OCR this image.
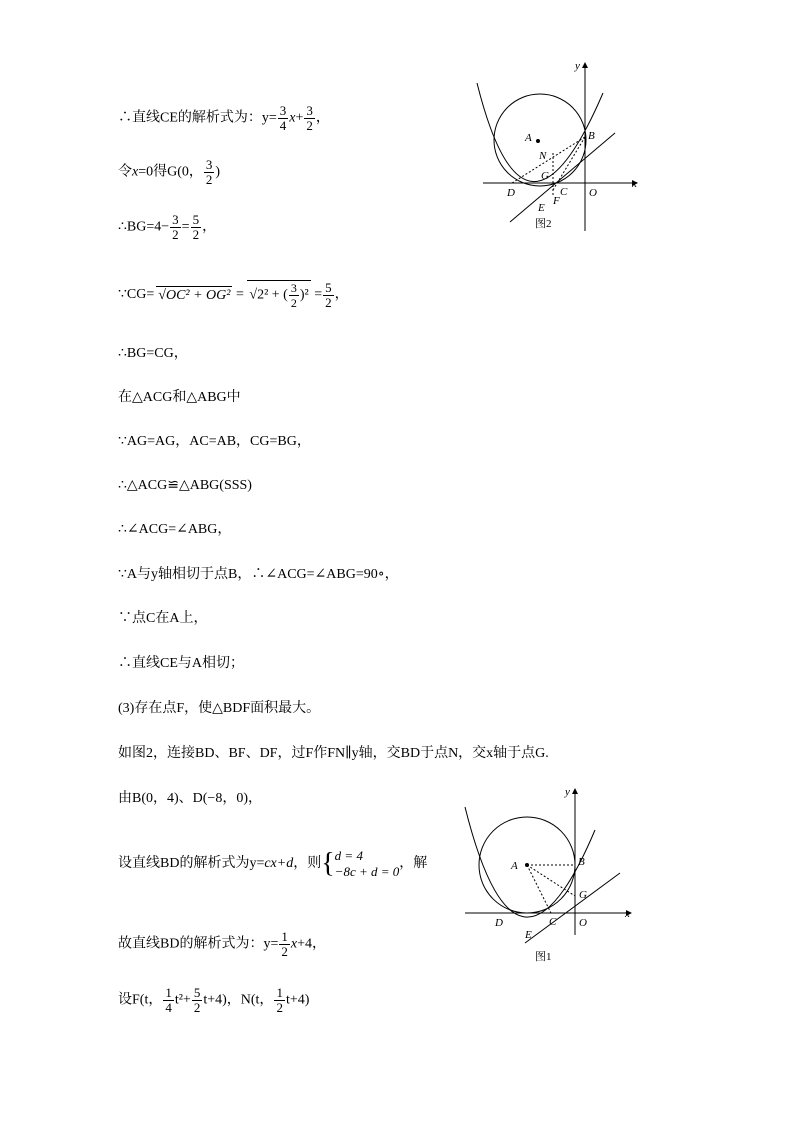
∴直线CE的解析式为：$y= \frac{3}{4} x+ \frac{3}{2}$ ，
令x=0得G(0， $\frac{3}{2}$ )
∴BG=4− $\frac{3}{2} = \frac{5}{2}$ ，
∵CG= √OC² + OG² = √2² + ( $\frac{3}{2} )^2 = \frac{5}{2}$ ，
∴BG=CG，
在△ACG和△ABG中
∵AG=AG，AC=AB，CG=BG，
∴△ACG≌△ABG(SSS)
∴∠ACG=∠ABG，
∵A与y轴相切于点B，∴∠ACG=∠ABG=90∘，
∵点C在A上，
∴直线CE与A相切；
(3)存在点F，使△BDF面积最大。
如图2，连接BD、BF、DF，过F作FN∥y轴，交BD于点N，交x轴于点G.
由B(0，4)、D(−8，0)，
设直线BD的解析式为y=cx+d，则{ d = 4
−8c + d = 0
，解
故直线BD的解析式为：$y= \frac{1}{2} x+4$，
设F(t， $\frac{1}{4} t^2+ \frac{5}{2} t+4$)，N(t， $\frac{1}{2} t+4$)
y
x
A	B
N
G
D	C O
E
F
图2
y
x
A	B
G
D	C O
E
图1
